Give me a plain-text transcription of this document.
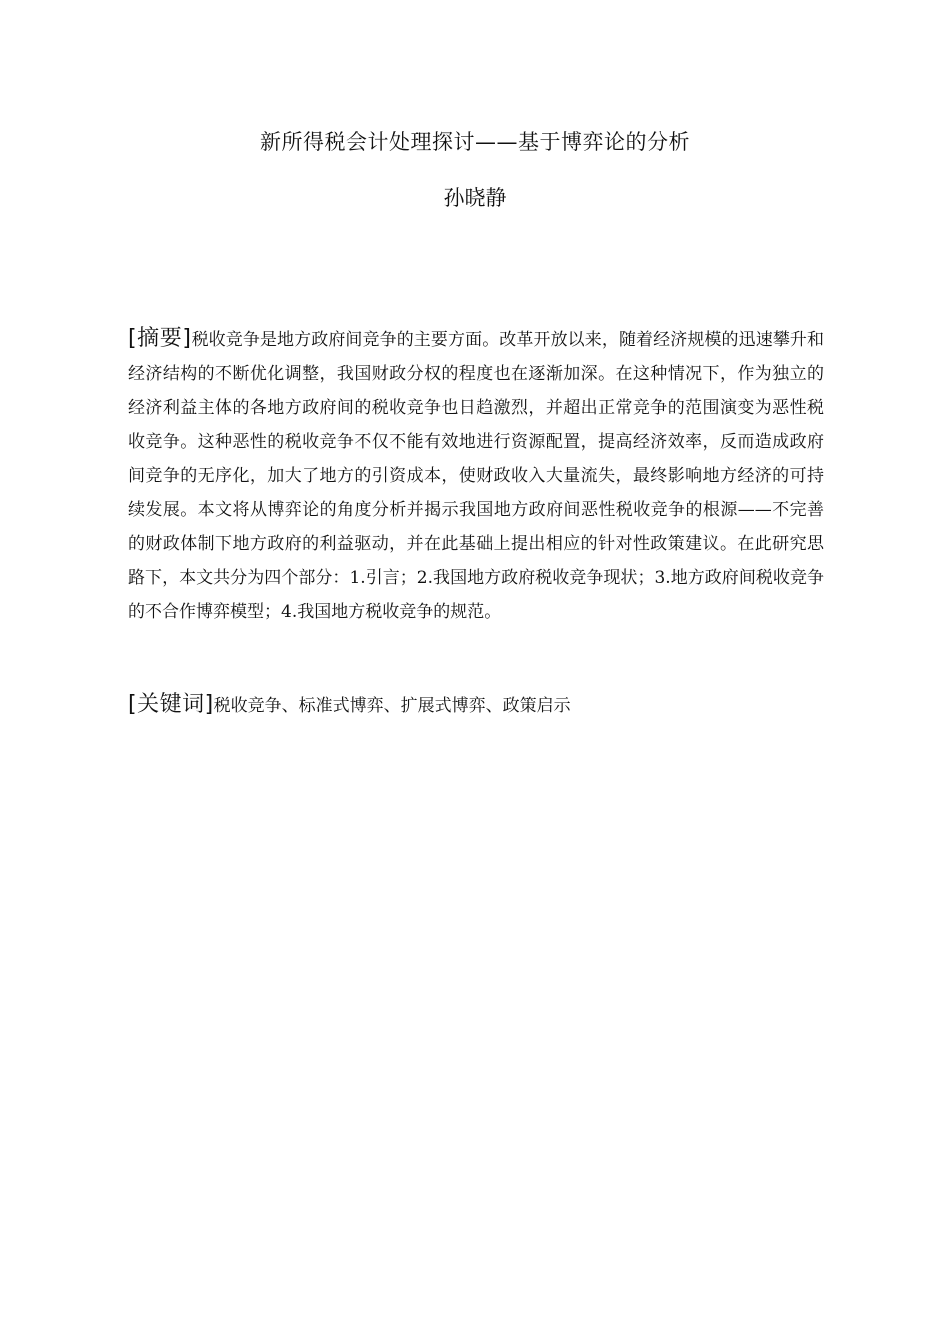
新所得税会计处理探讨——基于博弈论的分析
孙晓静
[摘要]税收竞争是地方政府间竞争的主要方面。改革开放以来，随着经济规模的迅速攀升和经济结构的不断优化调整，我国财政分权的程度也在逐渐加深。在这种情况下，作为独立的经济利益主体的各地方政府间的税收竞争也日趋激烈，并超出正常竞争的范围演变为恶性税收竞争。这种恶性的税收竞争不仅不能有效地进行资源配置，提高经济效率，反而造成政府间竞争的无序化，加大了地方的引资成本，使财政收入大量流失，最终影响地方经济的可持续发展。本文将从博弈论的角度分析并揭示我国地方政府间恶性税收竞争的根源——不完善的财政体制下地方政府的利益驱动，并在此基础上提出相应的针对性政策建议。在此研究思路下，本文共分为四个部分：1.引言；2.我国地方政府税收竞争现状；3.地方政府间税收竞争的不合作博弈模型；4.我国地方税收竞争的规范。
[关键词]税收竞争、标准式博弈、扩展式博弈、政策启示
